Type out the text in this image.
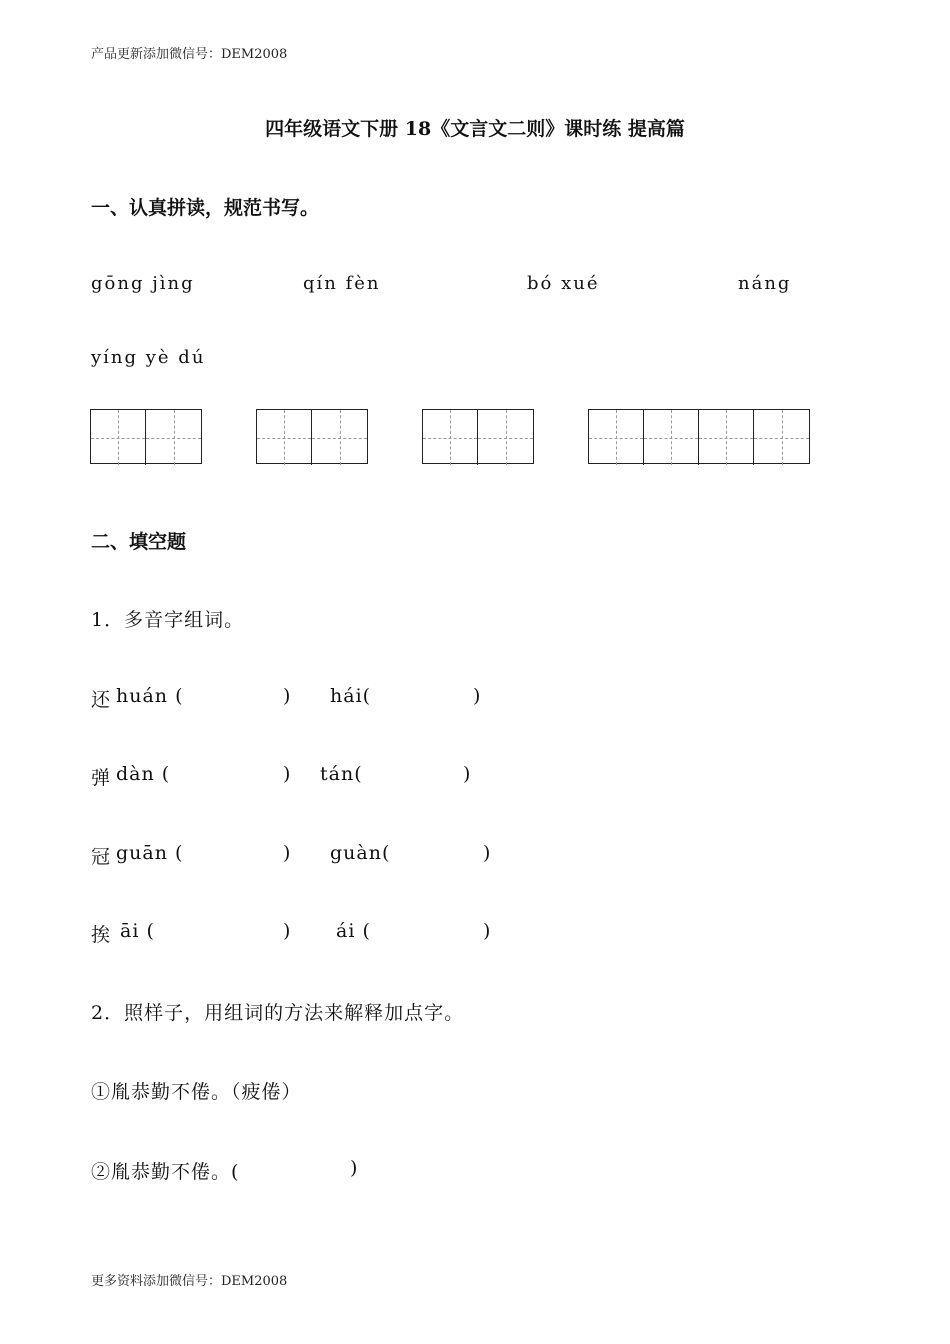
产品更新添加微信号：DEM2008
四年级语文下册 18《文言文二则》课时练 提高篇
一、认真拼读，规范书写。
gōng jìng	qín fèn	bó xué	náng
yíng yè dú
二、填空题
1．多音字组词。
还 huán (	) hái(	)
弹 dàn (	) tán(	)
冠 guān (	) guàn(	)
挨 āi (	) ái (	)
2．照样子，用组词的方法来解释加点字。
①胤恭勤不倦。（疲倦）
②胤恭勤不倦。(	)
更多资料添加微信号：DEM2008
